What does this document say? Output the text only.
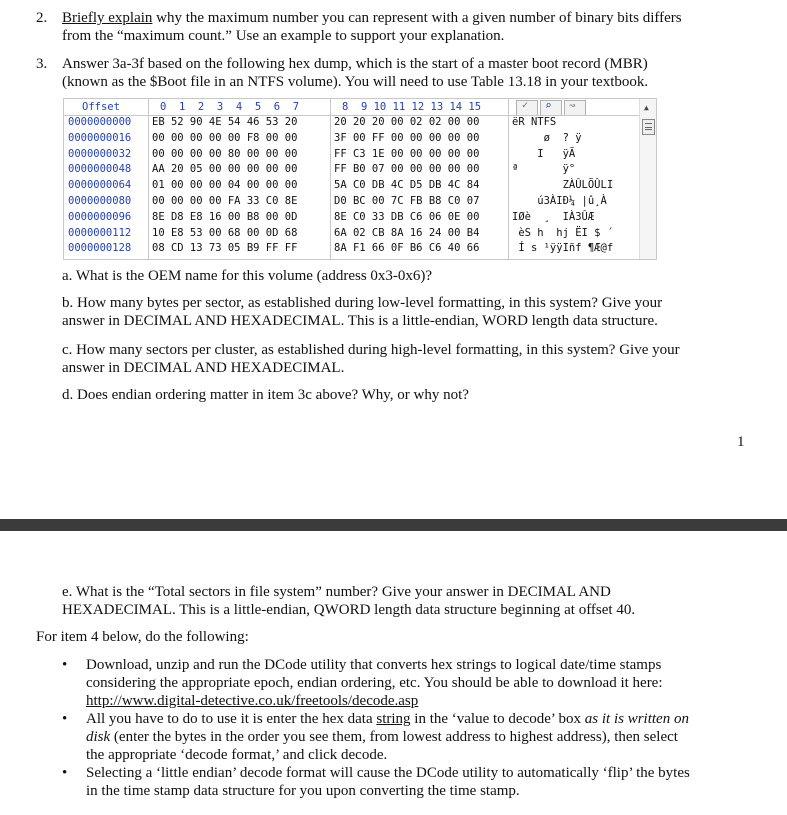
2. Briefly explain why the maximum number you can represent with a given number of binary bits differs
from the “maximum count.” Use an example to support your explanation.
3. Answer 3a-3f based on the following hex dump, which is the start of a master boot record (MBR)
(known as the $Boot file in an NTFS volume). You will need to use Table 13.18 in your textbook.
Offset	0  1  2  3  4  5  6  7	8  9 10 11 12 13 14 15	✓ ⌕ ↝
0000000000 EB 52 90 4E 54 46 53 20	20 20 20 00 02 02 00 00	ëR NTFS
0000000016 00 00 00 00 00 F8 00 00	3F 00 FF 00 00 00 00 00	ø  ? ÿ
0000000032 00 00 00 00 80 00 00 00	FF C3 1E 00 00 00 00 00	Ι   ÿÃ
0000000048 AA 20 05 00 00 00 00 00	FF B0 07 00 00 00 00 00	ª       ÿ°
0000000064 01 00 00 00 04 00 00 00	5A C0 DB 4C D5 DB 4C 84	ZÀÛLÕÛLΙ
0000000080 00 00 00 00 FA 33 C0 8E	D0 BC 00 7C FB B8 C0 07	ú3ÀΙÐ¼ |û¸À
0000000096 8E D8 E8 16 00 B8 00 0D	8E C0 33 DB C6 06 0E 00	ΙØè  ¸  ΙÀ3ÛÆ
0000000112 10 E8 53 00 68 00 0D 68	6A 02 CB 8A 16 24 00 B4	èS h  hj ËΙ $ ´
0000000128 08 CD 13 73 05 B9 FF FF	8A F1 66 0F B6 C6 40 66	Í s ¹ÿÿΙñf ¶Æ@f
▲
a. What is the OEM name for this volume (address 0x3-0x6)?
b. How many bytes per sector, as established during low-level formatting, in this system? Give your
answer in DECIMAL AND HEXADECIMAL. This is a little-endian, WORD length data structure.
c. How many sectors per cluster, as established during high-level formatting, in this system? Give your
answer in DECIMAL AND HEXADECIMAL.
d. Does endian ordering matter in item 3c above? Why, or why not?
1
e. What is the “Total sectors in file system” number? Give your answer in DECIMAL AND
HEXADECIMAL. This is a little-endian, QWORD length data structure beginning at offset 40.
For item 4 below, do the following:
• Download, unzip and run the DCode utility that converts hex strings to logical date/time stamps
considering the appropriate epoch, endian ordering, etc. You should be able to download it here:
http://www.digital-detective.co.uk/freetools/decode.asp
• All you have to do to use it is enter the hex data string in the ‘value to decode’ box as it is written on
disk (enter the bytes in the order you see them, from lowest address to highest address), then select
the appropriate ‘decode format,’ and click decode.
• Selecting a ‘little endian’ decode format will cause the DCode utility to automatically ‘flip’ the bytes
in the time stamp data structure for you upon converting the time stamp.
